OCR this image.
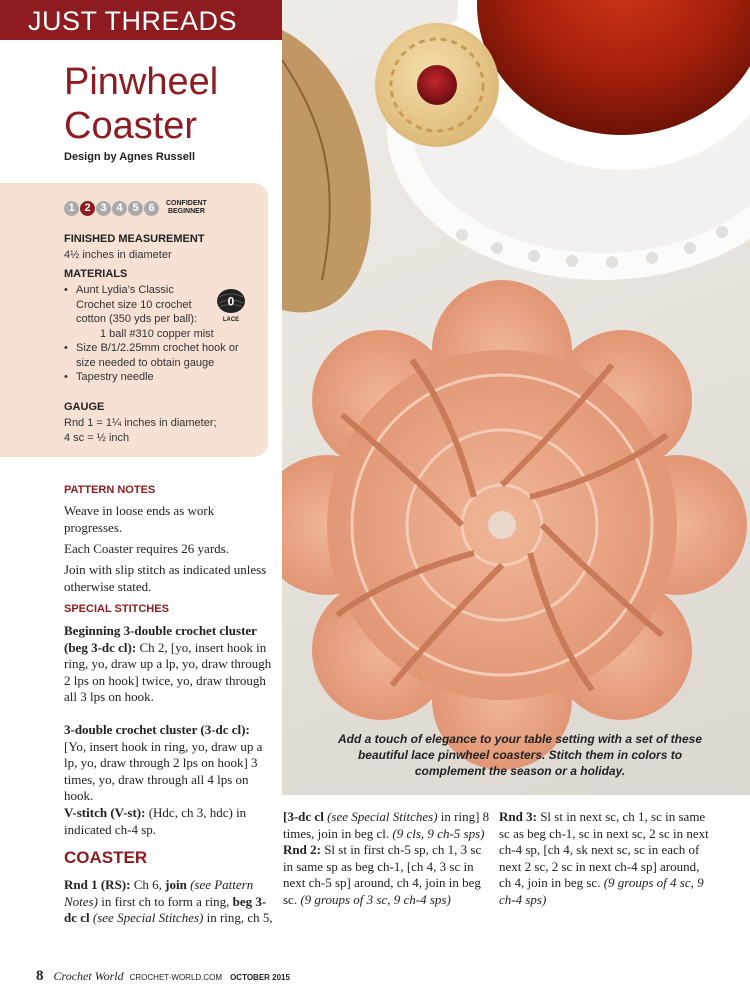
JUST THREADS
Pinwheel
Coaster
Design by Agnes Russell
1 2 3 4 5 6	CONFIDENT
BEGINNER
FINISHED MEASUREMENT
4½ inches in diameter
MATERIALS
• Aunt Lydia’s Classic Crochet size 10 crochet cotton (350 yds per ball):
1 ball #310 copper mist
• Size B/1/2.25mm crochet hook or size needed to obtain gauge
• Tapestry needle
0
LACE
GAUGE
Rnd 1 = 1¼ inches in diameter;
4 sc = ½ inch
PATTERN NOTES

Weave in loose ends as work progresses.

Each Coaster requires 26 yards.

Join with slip stitch as indicated unless otherwise stated.

SPECIAL STITCHES

Beginning 3-double crochet cluster (beg 3-dc cl): Ch 2, [yo, insert hook in ring, yo, draw up a lp, yo, draw through 2 lps on hook] twice, yo, draw through all 3 lps on hook.

3-double crochet cluster (3-dc cl): [Yo, insert hook in ring, yo, draw up a lp, yo, draw through 2 lps on hook] 3 times, yo, draw through all 4 lps on hook.

V-stitch (V-st): (Hdc, ch 3, hdc) in indicated ch-4 sp.

COASTER

Rnd 1 (RS): Ch 6, join (see Pattern Notes) in first ch to form a ring, beg 3-dc cl (see Special Stitches) in ring, ch 5,

[3-dc cl (see Special Stitches) in ring] 8 times, join in beg cl. (9 cls, 9 ch-5 sps)
Rnd 2: Sl st in first ch-5 sp, ch 1, 3 sc in same sp as beg ch-1, [ch 4, 3 sc in next ch-5 sp] around, ch 4, join in beg sc. (9 groups of 3 sc, 9 ch-4 sps)

Rnd 3: Sl st in next sc, ch 1, sc in same sc as beg ch-1, sc in next sc, 2 sc in next ch-4 sp, [ch 4, sk next sc, sc in each of next 2 sc, 2 sc in next ch-4 sp] around, ch 4, join in beg sc. (9 groups of 4 sc, 9 ch-4 sps)

Add a touch of elegance to your table setting with a set of these beautiful lace pinwheel coasters. Stitch them in colors to complement the season or a holiday.
8 Crochet World CROCHET-WORLD.COM OCTOBER 2015
